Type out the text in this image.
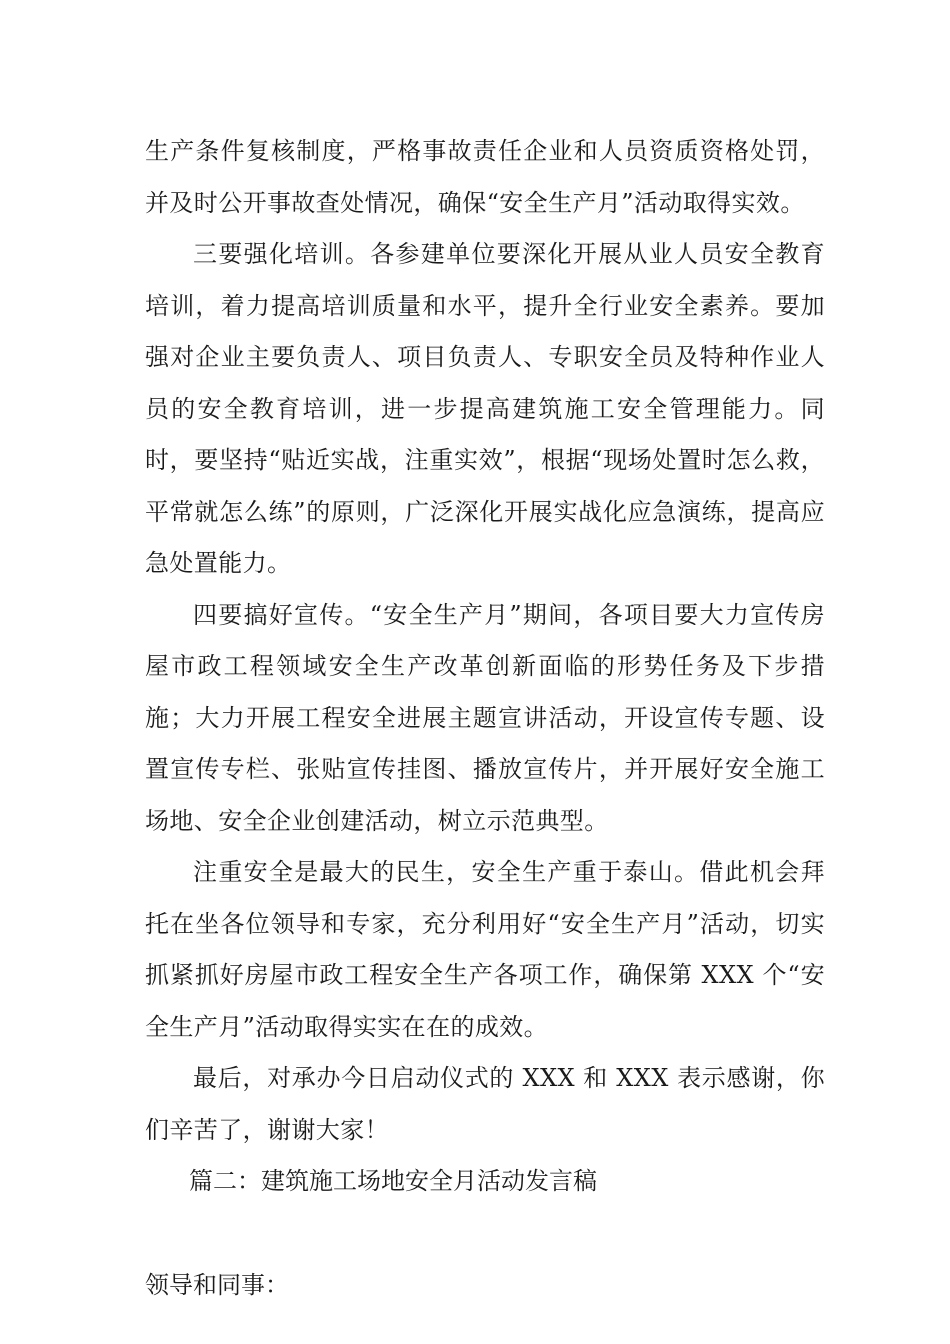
生产条件复核制度，严格事故责任企业和人员资质资格处罚，并及时公开事故查处情况，确保“安全生产月”活动取得实效。

三要强化培训。各参建单位要深化开展从业人员安全教育培训，着力提高培训质量和水平，提升全行业安全素养。要加强对企业主要负责人、项目负责人、专职安全员及特种作业人员的安全教育培训，进一步提高建筑施工安全管理能力。同时，要坚持“贴近实战，注重实效”，根据“现场处置时怎么救，平常就怎么练”的原则，广泛深化开展实战化应急演练，提高应急处置能力。

四要搞好宣传。“安全生产月”期间，各项目要大力宣传房屋市政工程领域安全生产改革创新面临的形势任务及下步措施；大力开展工程安全进展主题宣讲活动，开设宣传专题、设置宣传专栏、张贴宣传挂图、播放宣传片，并开展好安全施工场地、安全企业创建活动，树立示范典型。

注重安全是最大的民生，安全生产重于泰山。借此机会拜托在坐各位领导和专家，充分利用好“安全生产月”活动，切实抓紧抓好房屋市政工程安全生产各项工作，确保第 XXX 个“安全生产月”活动取得实实在在的成效。

最后，对承办今日启动仪式的 XXX 和 XXX 表示感谢，你们辛苦了，谢谢大家！

篇二：建筑施工场地安全月活动发言稿

领导和同事：
